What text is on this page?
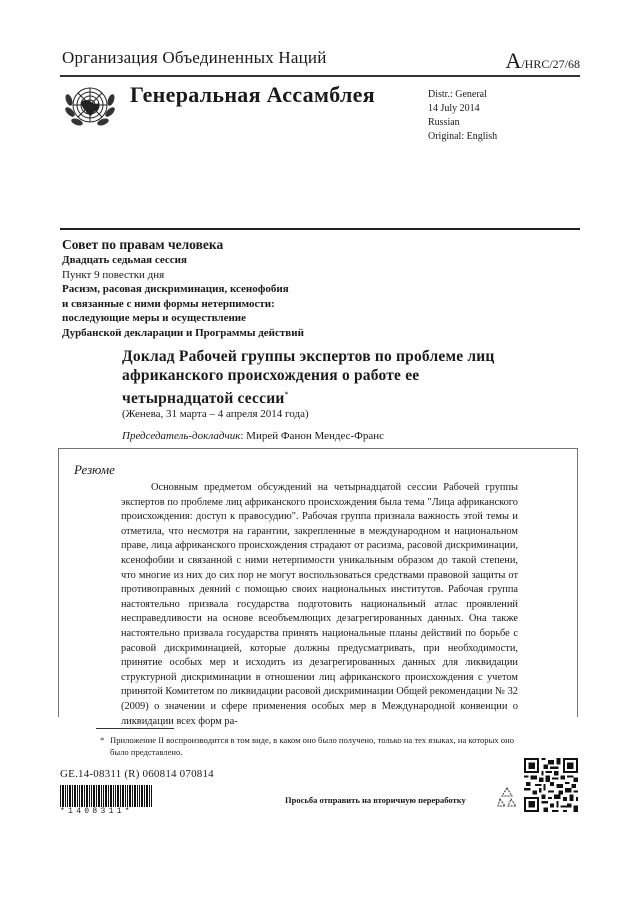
Организация Объединенных Наций	A/HRC/27/68
Генеральная Ассамблея	Distr.: General
14 July 2014
Russian
Original: English
Совет по правам человека
Двадцать седьмая сессия
Пункт 9 повестки дня
Расизм, расовая дискриминация, ксенофобия
и связанные с ними формы нетерпимости:
последующие меры и осуществление
Дурбанской декларации и Программы действий
Доклад Рабочей группы экспертов по проблеме лиц африканского происхождения о работе ее четырнадцатой сессии*
(Женева, 31 марта – 4 апреля 2014 года)
Председатель-докладчик: Мирей Фанон Мендес-Франс
Резюме
Основным предметом обсуждений на четырнадцатой сессии Рабочей группы экспертов по проблеме лиц африканского происхождения была тема "Лица африканского происхождения: доступ к правосудию". Рабочая группа признала важность этой темы и отметила, что несмотря на гарантии, закрепленные в международном и национальном праве, лица африканского происхождения страдают от расизма, расовой дискриминации, ксенофобии и связанной с ними нетерпимости уникальным образом до такой степени, что многие из них до сих пор не могут воспользоваться средствами правовой защиты от противоправных деяний с помощью своих национальных институтов. Рабочая группа настоятельно призвала государства подготовить национальный атлас проявлений несправедливости на основе всеобъемлющих дезагрегированных данных. Она также настоятельно призвала государства принять национальные планы действий по борьбе с расовой дискриминацией, которые должны предусматривать, при необходимости, принятие особых мер и исходить из дезагрегированных данных для ликвидации структурной дискриминации в отношении лиц африканского происхождения с учетом принятой Комитетом по ликвидации расовой дискриминации Общей рекомендации № 32 (2009) о значении и сфере применения особых мер в Международной конвенции о ликвидации всех форм ра-
* Приложение II воспроизводится в том виде, в каком оно было получено, только на тех языках, на которых оно было представлено.
GE.14-08311 (R) 060814 070814
*1408311*
Просьба отправить на вторичную переработку
